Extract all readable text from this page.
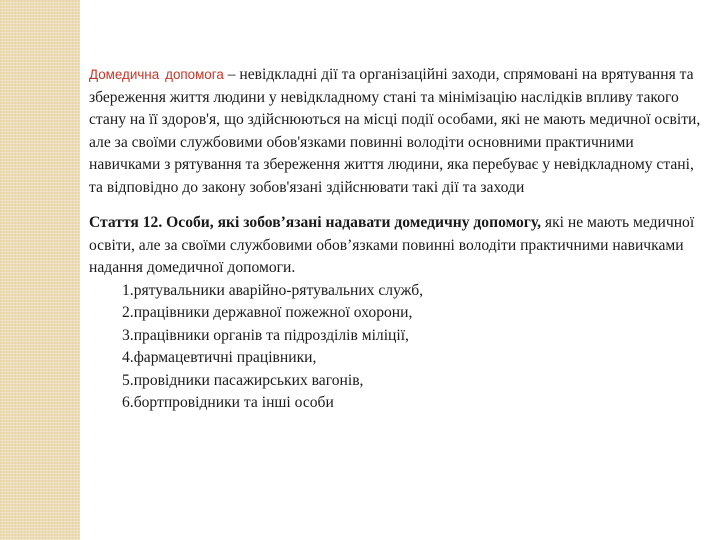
Домедична допомога – невідкладні дії та організаційні заходи, спрямовані на врятування та збереження життя людини у невідкладному стані та мінімізацію наслідків впливу такого стану на її здоров'я, що здійснюються на місці події особами, які не мають медичної освіти, але за своїми службовими обов'язками повинні володіти основними практичними навичками з рятування та збереження життя людини, яка перебуває у невідкладному стані, та відповідно до закону зобов'язані здійснювати такі дії та заходи

Стаття 12. Особи, які зобов’язані надавати домедичну допомогу, які не мають медичної освіти, але за своїми службовими обов’язками повинні володіти практичними навичками надання домедичної допомоги.

1.рятувальники аварійно-рятувальних служб,
2.працівники державної пожежної охорони,
3.працівники органів та підрозділів міліції,
4.фармацевтичні працівники,
5.провідники пасажирських вагонів,
6.бортпровідники та інші особи
